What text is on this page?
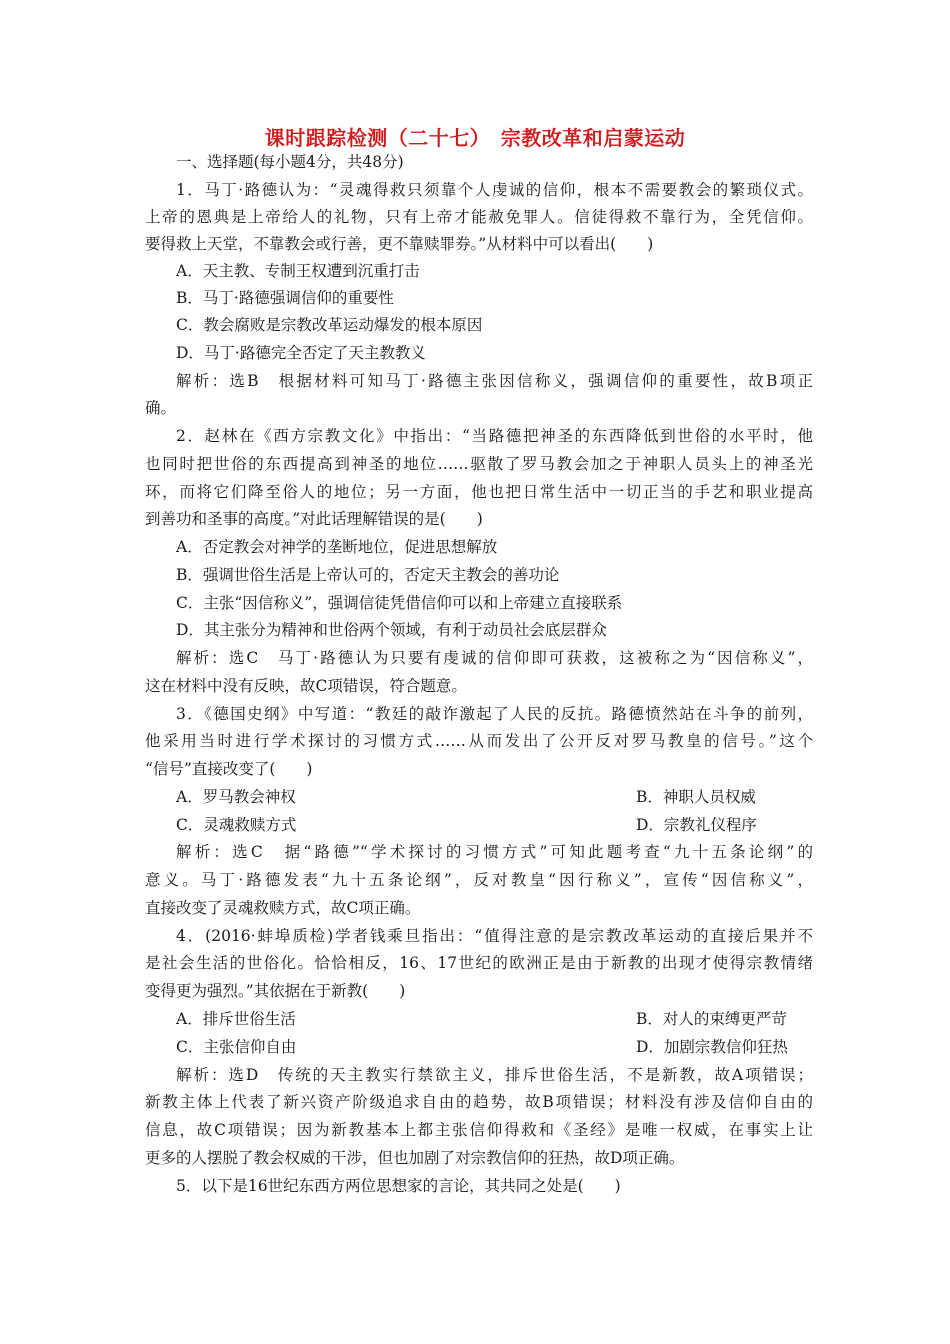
课时跟踪检测（二十七）　宗教改革和启蒙运动
一、选择题(每小题4分，共48分)
1．马丁·路德认为：“灵魂得救只须靠个人虔诚的信仰，根本不需要教会的繁琐仪式。
上帝的恩典是上帝给人的礼物，只有上帝才能赦免罪人。信徒得救不靠行为，全凭信仰。
要得救上天堂，不靠教会或行善，更不靠赎罪券。”从材料中可以看出(　　)
A．天主教、专制王权遭到沉重打击
B．马丁·路德强调信仰的重要性
C．教会腐败是宗教改革运动爆发的根本原因
D．马丁·路德完全否定了天主教教义
解析：选B　根据材料可知马丁·路德主张因信称义，强调信仰的重要性，故B项正
确。
2．赵林在《西方宗教文化》中指出：“当路德把神圣的东西降低到世俗的水平时，他
也同时把世俗的东西提高到神圣的地位……驱散了罗马教会加之于神职人员头上的神圣光
环，而将它们降至俗人的地位；另一方面，他也把日常生活中一切正当的手艺和职业提高
到善功和圣事的高度。”对此话理解错误的是(　　)
A．否定教会对神学的垄断地位，促进思想解放
B．强调世俗生活是上帝认可的，否定天主教会的善功论
C．主张“因信称义”，强调信徒凭借信仰可以和上帝建立直接联系
D．其主张分为精神和世俗两个领域，有利于动员社会底层群众
解析：选C　马丁·路德认为只要有虔诚的信仰即可获救，这被称之为“因信称义”，
这在材料中没有反映，故C项错误，符合题意。
3．《德国史纲》中写道：“教廷的敲诈激起了人民的反抗。路德愤然站在斗争的前列，
他采用当时进行学术探讨的习惯方式……从而发出了公开反对罗马教皇的信号。”这个
“信号”直接改变了(　　)
A．罗马教会神权	B．神职人员权威
C．灵魂救赎方式	D．宗教礼仪程序
解析：选C　据“路德”“学术探讨的习惯方式”可知此题考查“九十五条论纲”的
意义。马丁·路德发表“九十五条论纲”，反对教皇“因行称义”，宣传“因信称义”，
直接改变了灵魂救赎方式，故C项正确。
4．(2016·蚌埠质检)学者钱乘旦指出：“值得注意的是宗教改革运动的直接后果并不
是社会生活的世俗化。恰恰相反，16、17世纪的欧洲正是由于新教的出现才使得宗教情绪
变得更为强烈。”其依据在于新教(　　)
A．排斥世俗生活	B．对人的束缚更严苛
C．主张信仰自由	D．加剧宗教信仰狂热
解析：选D　传统的天主教实行禁欲主义，排斥世俗生活，不是新教，故A项错误；
新教主体上代表了新兴资产阶级追求自由的趋势，故B项错误；材料没有涉及信仰自由的
信息，故C项错误；因为新教基本上都主张信仰得救和《圣经》是唯一权威，在事实上让
更多的人摆脱了教会权威的干涉，但也加剧了对宗教信仰的狂热，故D项正确。
5．以下是16世纪东西方两位思想家的言论，其共同之处是(　　)
